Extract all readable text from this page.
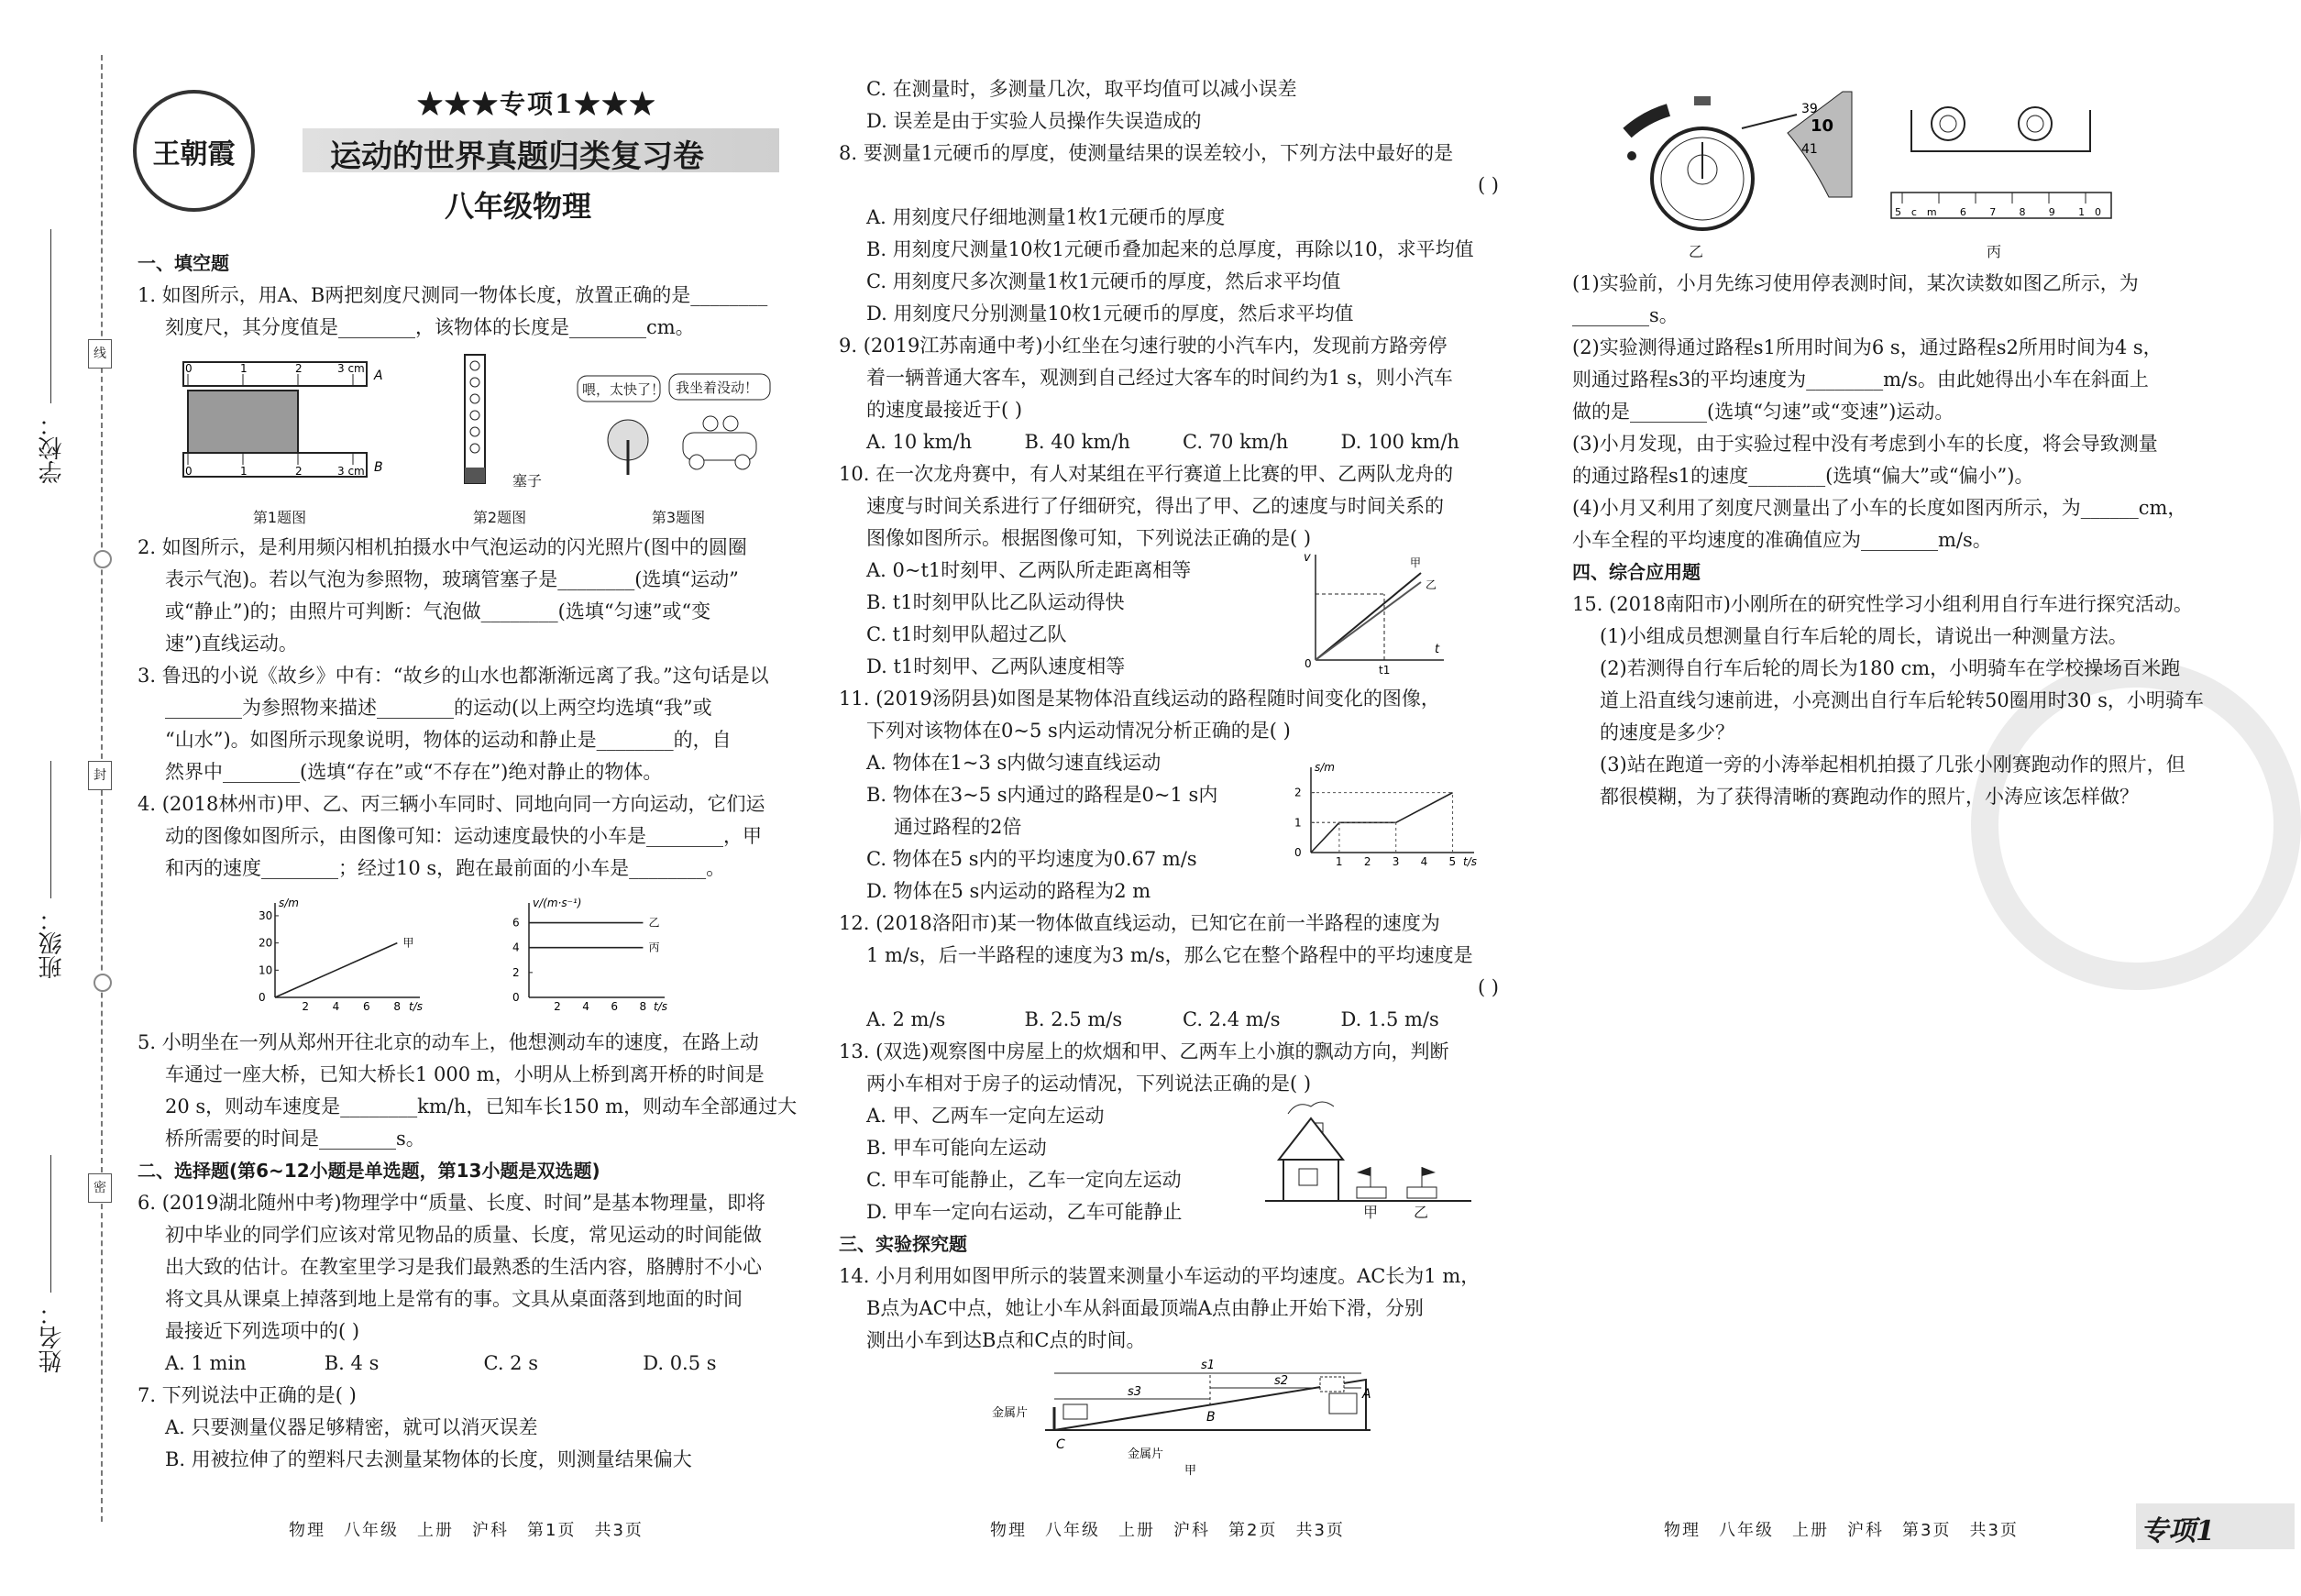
学校：
班级：
姓名：
线
封
密
王朝霞
★★★专项1★★★
运动的世界真题归类复习卷
八年级物理

一、填空题

1. 如图所示，用A、B两把刻度尺测同一物体长度，放置正确的是________

刻度尺，其分度值是________，该物体的长度是________cm。

0	1	2	3 cm A
0	1	2	3 cm B
第1题图
塞子
第2题图
喂，太快了！ 我坐着没动！
第3题图

2. 如图所示，是利用频闪相机拍摄水中气泡运动的闪光照片(图中的圆圈

表示气泡)。若以气泡为参照物，玻璃管塞子是________(选填“运动”

或“静止”)的；由照片可判断：气泡做________(选填“匀速”或“变

速”)直线运动。

3. 鲁迅的小说《故乡》中有：“故乡的山水也都渐渐远离了我。”这句话是以

________为参照物来描述________的运动(以上两空均选填“我”或

“山水”)。如图所示现象说明，物体的运动和静止是________的，自

然界中________(选填“存在”或“不存在”)绝对静止的物体。

4. (2018林州市)甲、乙、丙三辆小车同时、同地向同一方向运动，它们运

动的图像如图所示，由图像可知：运动速度最快的小车是________，甲

和丙的速度________；经过10 s，跑在最前面的小车是________。

2 4 6 8
0
10
20
30
t/s
s/m
甲
2 4 6 8
0
2
4
6
t/s
v/(m·s⁻¹)
乙
丙

5. 小明坐在一列从郑州开往北京的动车上，他想测动车的速度，在路上动

车通过一座大桥，已知大桥长1 000 m，小明从上桥到离开桥的时间是

20 s，则动车速度是________km/h，已知车长150 m，则动车全部通过大

桥所需要的时间是________s。

二、选择题(第6~12小题是单选题，第13小题是双选题)

6. (2019湖北随州中考)物理学中“质量、长度、时间”是基本物理量，即将

初中毕业的同学们应该对常见物品的质量、长度，常见运动的时间能做

出大致的估计。在教室里学习是我们最熟悉的生活内容，胳膊肘不小心

将文具从课桌上掉落到地上是常有的事。文具从桌面落到地面的时间

最接近下列选项中的( )

A. 1 min	B. 4 s	C. 2 s	D. 0.5 s

7. 下列说法中正确的是( )

A. 只要测量仪器足够精密，就可以消灭误差

B. 用被拉伸了的塑料尺去测量某物体的长度，则测量结果偏大

物理　八年级　上册　沪科　第1页　共3页

C. 在测量时，多测量几次，取平均值可以减小误差

D. 误差是由于实验人员操作失误造成的

8. 要测量1元硬币的厚度，使测量结果的误差较小，下列方法中最好的是

( )

A. 用刻度尺仔细地测量1枚1元硬币的厚度

B. 用刻度尺测量10枚1元硬币叠加起来的总厚度，再除以10，求平均值

C. 用刻度尺多次测量1枚1元硬币的厚度，然后求平均值

D. 用刻度尺分别测量10枚1元硬币的厚度，然后求平均值

9. (2019江苏南通中考)小红坐在匀速行驶的小汽车内，发现前方路旁停

着一辆普通大客车，观测到自己经过大客车的时间约为1 s，则小汽车

的速度最接近于( )

A. 10 km/h	B. 40 km/h	C. 70 km/h	D. 100 km/h

10. 在一次龙舟赛中，有人对某组在平行赛道上比赛的甲、乙两队龙舟的

速度与时间关系进行了仔细研究，得出了甲、乙的速度与时间关系的

图像如图所示。根据图像可知，下列说法正确的是( )

A. 0~t1时刻甲、乙两队所走距离相等

B. t1时刻甲队比乙队运动得快

C. t1时刻甲队超过乙队

D. t1时刻甲、乙两队速度相等

11. (2019汤阴县)如图是某物体沿直线运动的路程随时间变化的图像，

下列对该物体在0~5 s内运动情况分析正确的是( )

A. 物体在1~3 s内做匀速直线运动

B. 物体在3~5 s内通过的路程是0~1 s内

通过路程的2倍

C. 物体在5 s内的平均速度为0.67 m/s

D. 物体在5 s内运动的路程为2 m

12. (2018洛阳市)某一物体做直线运动，已知它在前一半路程的速度为

1 m/s，后一半路程的速度为3 m/s，那么它在整个路程中的平均速度是

( )

A. 2 m/s	B. 2.5 m/s	C. 2.4 m/s	D. 1.5 m/s

13. (双选)观察图中房屋上的炊烟和甲、乙两车上小旗的飘动方向，判断

两小车相对于房子的运动情况，下列说法正确的是( )

A. 甲、乙两车一定向左运动

B. 甲车可能向左运动

C. 甲车可能静止，乙车一定向左运动

D. 甲车一定向右运动，乙车可能静止

三、实验探究题

14. 小月利用如图甲所示的装置来测量小车运动的平均速度。AC长为1 m，

B点为AC中点，她让小车从斜面最顶端A点由静止开始下滑，分别

测出小车到达B点和C点的时间。

v
t
甲
乙
t1
0
1 2 3 4 5
0
1
2
t/s
s/m
甲	乙
s1
s2
s3	A
B
C
金属片
金属片
甲
物理　八年级　上册　沪科　第2页　共3页
39
10
41
乙
5cm 6 7 8 9 10
丙

(1)实验前，小月先练习使用停表测时间，某次读数如图乙所示，为

________s。

(2)实验测得通过路程s1所用时间为6 s，通过路程s2所用时间为4 s，

则通过路程s3的平均速度为________m/s。由此她得出小车在斜面上

做的是________(选填“匀速”或“变速”)运动。

(3)小月发现，由于实验过程中没有考虑到小车的长度，将会导致测量

的通过路程s1的速度________(选填“偏大”或“偏小”)。

(4)小月又利用了刻度尺测量出了小车的长度如图丙所示，为______cm，

小车全程的平均速度的准确值应为________m/s。

四、综合应用题

15. (2018南阳市)小刚所在的研究性学习小组利用自行车进行探究活动。

(1)小组成员想测量自行车后轮的周长，请说出一种测量方法。

(2)若测得自行车后轮的周长为180 cm，小明骑车在学校操场百米跑

道上沿直线匀速前进，小亮测出自行车后轮转50圈用时30 s，小明骑车

的速度是多少？

(3)站在跑道一旁的小涛举起相机拍摄了几张小刚赛跑动作的照片，但

都很模糊，为了获得清晰的赛跑动作的照片，小涛应该怎样做？

物理　八年级　上册　沪科　第3页　共3页	专项1
